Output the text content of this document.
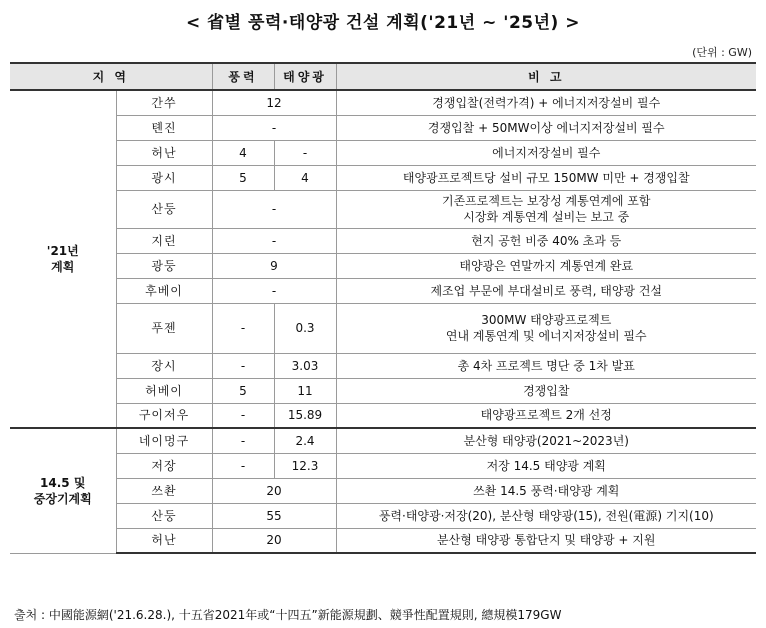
< 省별 풍력·태양광 건설 계획('21년 ~ '25년) >
(단위 : GW)
지 역		풍력	태양광	비 고

'21년
계획	간쑤	12		경쟁입찰(전력가격) + 에너지저장설비 필수

	톈진	-		경쟁입찰 + 50MW이상 에너지저장설비 필수

	허난	4	-	에너지저장설비 필수

	광시	5	4	태양광프로젝트당 설비 규모 150MW 미만 + 경쟁입찰

	산둥	-		기존프로젝트는 보장성 계통연계에 포함
시장화 계통연계 설비는 보고 중

	지린	-		현지 공헌 비중 40% 초과 등

	광둥	9		태양광은 연말까지 계통연계 완료

	후베이	-		제조업 부문에 부대설비로 풍력, 태양광 건설

	푸젠	-	0.3	300MW 태양광프로젝트
연내 계통연계 및 에너지저장설비 필수

	장시	-	3.03	총 4차 프로젝트 명단 중 1차 발표

	허베이	5	11	경쟁입찰

	구이저우	-	15.89	태양광프로젝트 2개 선정

14.5 및
중장기계획	네이멍구	-	2.4	분산형 태양광(2021~2023년)

	저장	-	12.3	저장 14.5 태양광 계획

	쓰촨	20		쓰촨 14.5 풍력·태양광 계획

	산둥	55		풍력·태양광·저장(20), 분산형 태양광(15), 전원(電源) 기지(10)

	허난	20		분산형 태양광 통합단지 및 태양광 + 지원
출처 : 中國能源網('21.6.28.), 十五省2021年或“十四五”新能源規劃、競爭性配置規則, 總規模179GW
